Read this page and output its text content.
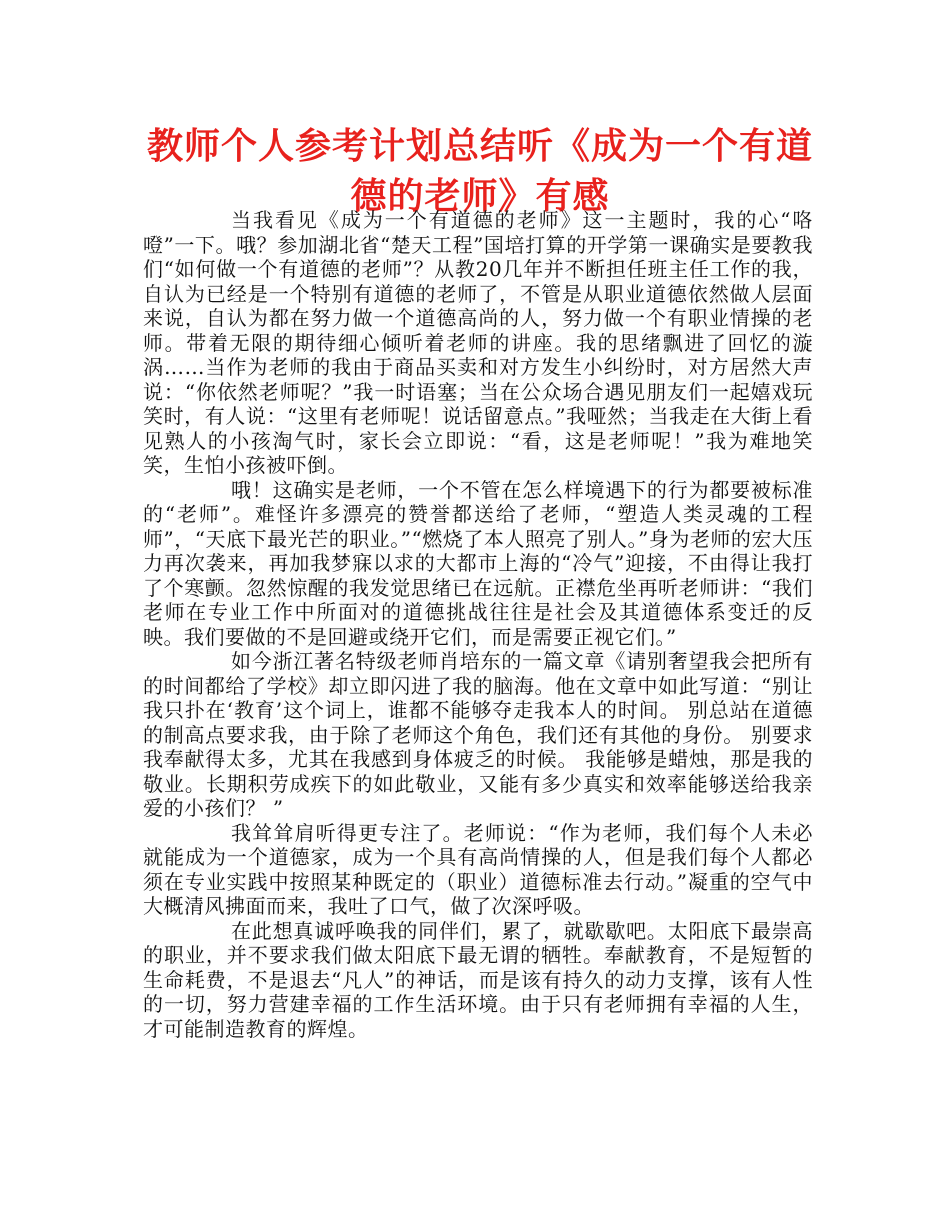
教师个人参考计划总结听《成为一个有道德的老师》有感

当我看见《成为一个有道德的老师》这一主题时，我的心“咯噔”一下。哦？参加湖北省“楚天工程”国培打算的开学第一课确实是要教我们“如何做一个有道德的老师”？从教20几年并不断担任班主任工作的我，自认为已经是一个特别有道德的老师了，不管是从职业道德依然做人层面来说，自认为都在努力做一个道德高尚的人，努力做一个有职业情操的老师。带着无限的期待细心倾听着老师的讲座。我的思绪飘进了回忆的漩涡……当作为老师的我由于商品买卖和对方发生小纠纷时，对方居然大声说：“你依然老师呢？”我一时语塞；当在公众场合遇见朋友们一起嬉戏玩笑时，有人说：“这里有老师呢！说话留意点。”我哑然；当我走在大街上看见熟人的小孩淘气时，家长会立即说：“看，这是老师呢！”我为难地笑笑，生怕小孩被吓倒。

哦！这确实是老师，一个不管在怎么样境遇下的行为都要被标准的“老师”。难怪许多漂亮的赞誉都送给了老师，“塑造人类灵魂的工程师”，“天底下最光芒的职业。”“燃烧了本人照亮了别人。”身为老师的宏大压力再次袭来，再加我梦寐以求的大都市上海的“冷气”迎接，不由得让我打了个寒颤。忽然惊醒的我发觉思绪已在远航。正襟危坐再听老师讲：“我们老师在专业工作中所面对的道德挑战往往是社会及其道德体系变迁的反映。我们要做的不是回避或绕开它们，而是需要正视它们。”

如今浙江著名特级老师肖培东的一篇文章《请别奢望我会把所有的时间都给了学校》却立即闪进了我的脑海。他在文章中如此写道：“别让我只扑在‘教育’这个词上，谁都不能够夺走我本人的时间。 别总站在道德的制高点要求我，由于除了老师这个角色，我们还有其他的身份。 别要求我奉献得太多，尤其在我感到身体疲乏的时候。 我能够是蜡烛，那是我的敬业。长期积劳成疾下的如此敬业，又能有多少真实和效率能够送给我亲爱的小孩们？ ”

我耸耸肩听得更专注了。老师说：“作为老师，我们每个人未必就能成为一个道德家，成为一个具有高尚情操的人，但是我们每个人都必须在专业实践中按照某种既定的（职业）道德标准去行动。”凝重的空气中大概清风拂面而来，我吐了口气，做了次深呼吸。

在此想真诚呼唤我的同伴们，累了，就歇歇吧。太阳底下最崇高的职业，并不要求我们做太阳底下最无谓的牺牲。奉献教育，不是短暂的生命耗费，不是退去“凡人”的神话，而是该有持久的动力支撑，该有人性的一切，努力营建幸福的工作生活环境。由于只有老师拥有幸福的人生，才可能制造教育的辉煌。
